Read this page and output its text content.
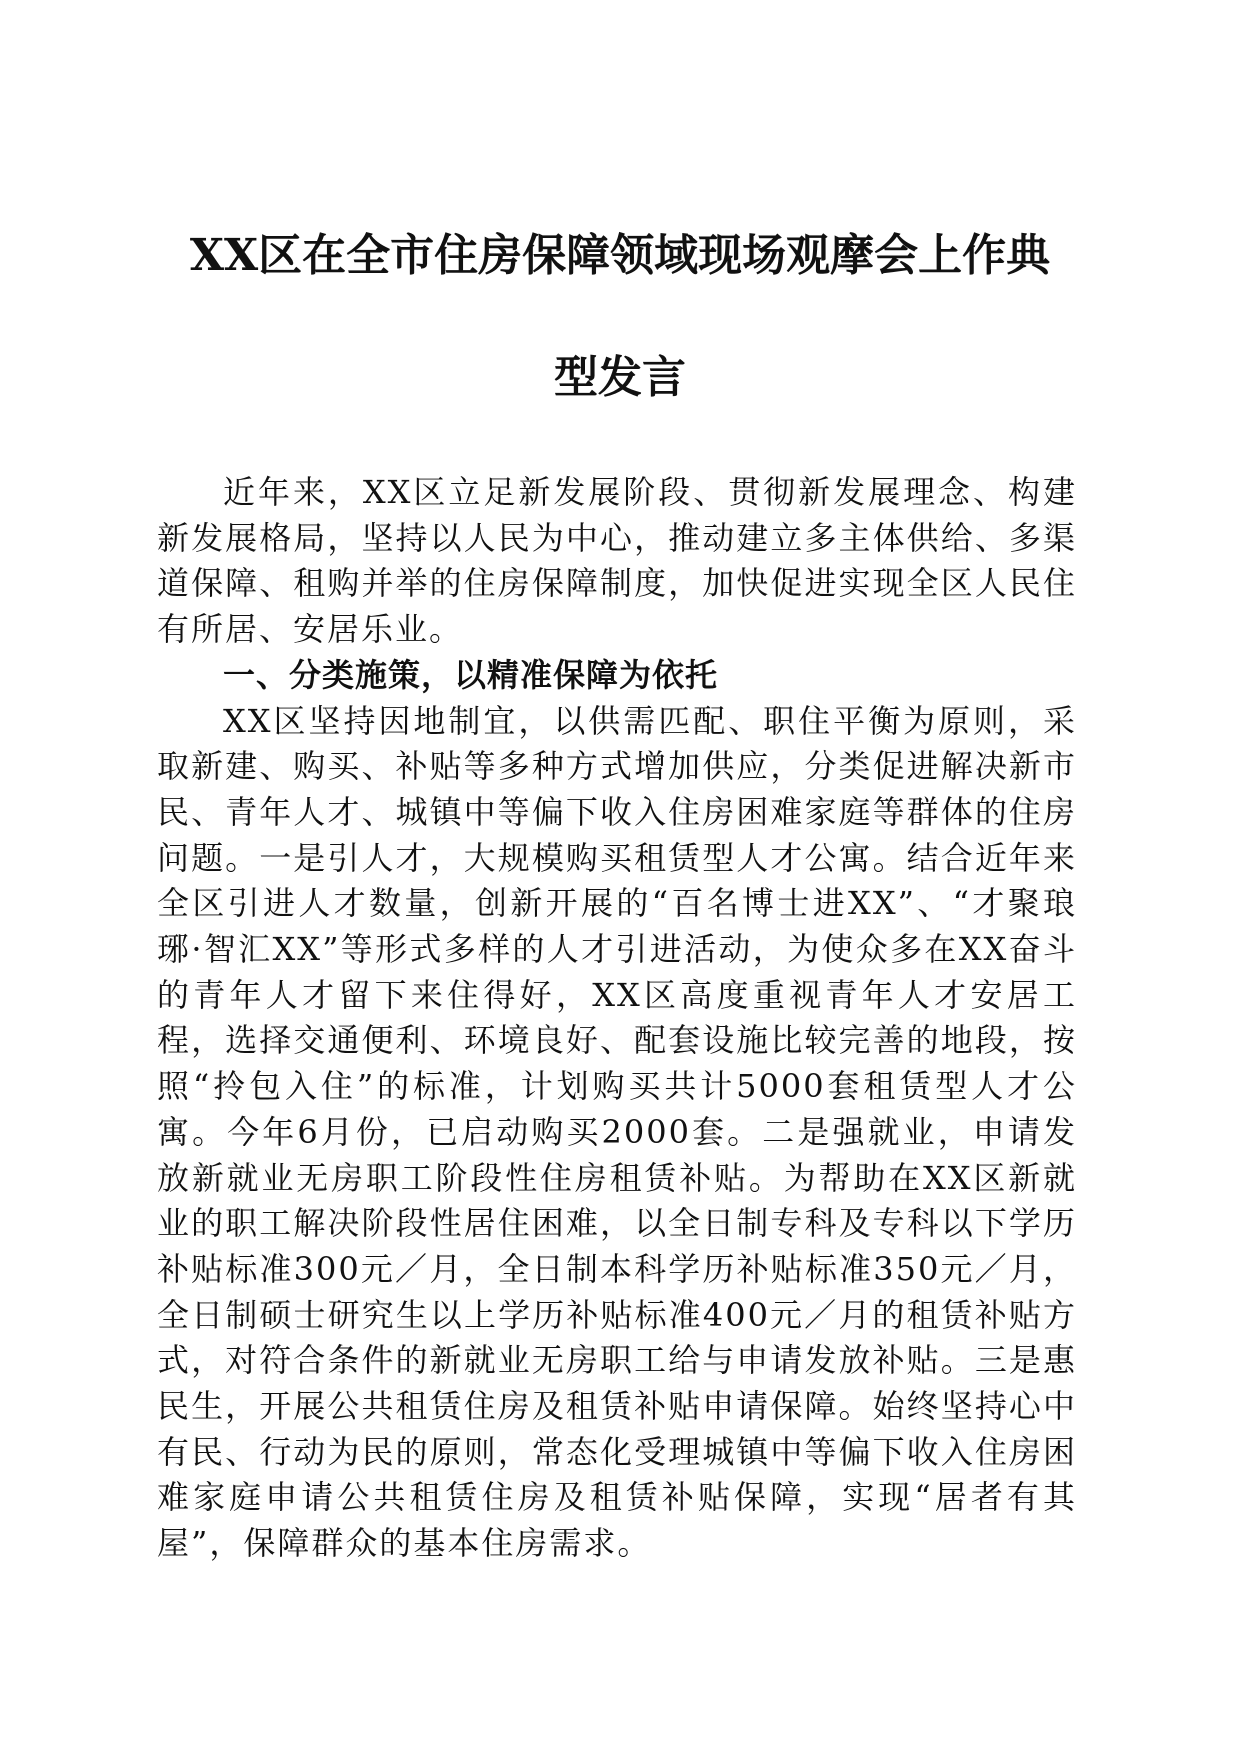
XX区在全市住房保障领域现场观摩会上作典
型发言

近年来，XX区立足新发展阶段、贯彻新发展理念、构建新发展格局，坚持以人民为中心，推动建立多主体供给、多渠道保障、租购并举的住房保障制度，加快促进实现全区人民住有所居、安居乐业。

一、分类施策，以精准保障为依托

XX区坚持因地制宜，以供需匹配、职住平衡为原则，采取新建、购买、补贴等多种方式增加供应，分类促进解决新市民、青年人才、城镇中等偏下收入住房困难家庭等群体的住房问题。一是引人才，大规模购买租赁型人才公寓。结合近年来全区引进人才数量，创新开展的“百名博士进XX”、“才聚琅琊·智汇XX”等形式多样的人才引进活动，为使众多在XX奋斗的青年人才留下来住得好，XX区高度重视青年人才安居工程，选择交通便利、环境良好、配套设施比较完善的地段，按照“拎包入住”的标准，计划购买共计5000套租赁型人才公寓。今年6月份，已启动购买2000套。二是强就业，申请发放新就业无房职工阶段性住房租赁补贴。为帮助在XX区新就业的职工解决阶段性居住困难，以全日制专科及专科以下学历补贴标准300元／月，全日制本科学历补贴标准350元／月，全日制硕士研究生以上学历补贴标准400元／月的租赁补贴方式，对符合条件的新就业无房职工给与申请发放补贴。三是惠民生，开展公共租赁住房及租赁补贴申请保障。始终坚持心中有民、行动为民的原则，常态化受理城镇中等偏下收入住房困难家庭申请公共租赁住房及租赁补贴保障，实现“居者有其屋”，保障群众的基本住房需求。
